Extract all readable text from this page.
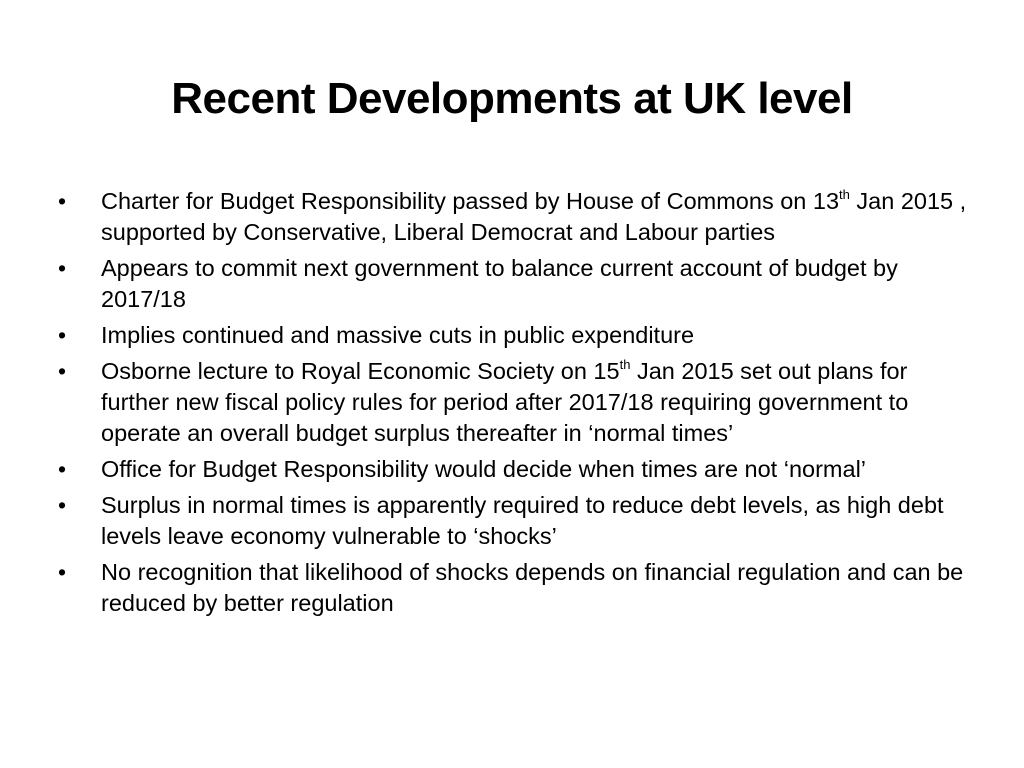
Recent Developments at UK level
• Charter for Budget Responsibility passed by House of Commons on 13th Jan 2015 , supported by Conservative, Liberal Democrat and Labour parties
• Appears to commit next government to balance current account of budget by 2017/18
• Implies continued and massive cuts in public expenditure
• Osborne lecture to Royal Economic Society on 15th Jan 2015 set out plans for further new fiscal policy rules for period after 2017/18 requiring government to operate an overall budget surplus thereafter in ‘normal times’
• Office for Budget Responsibility would decide when times are not ‘normal’
• Surplus in normal times is apparently required to reduce debt levels, as high debt levels leave economy vulnerable to ‘shocks’
• No recognition that likelihood of shocks depends on financial regulation and can be reduced by better regulation
